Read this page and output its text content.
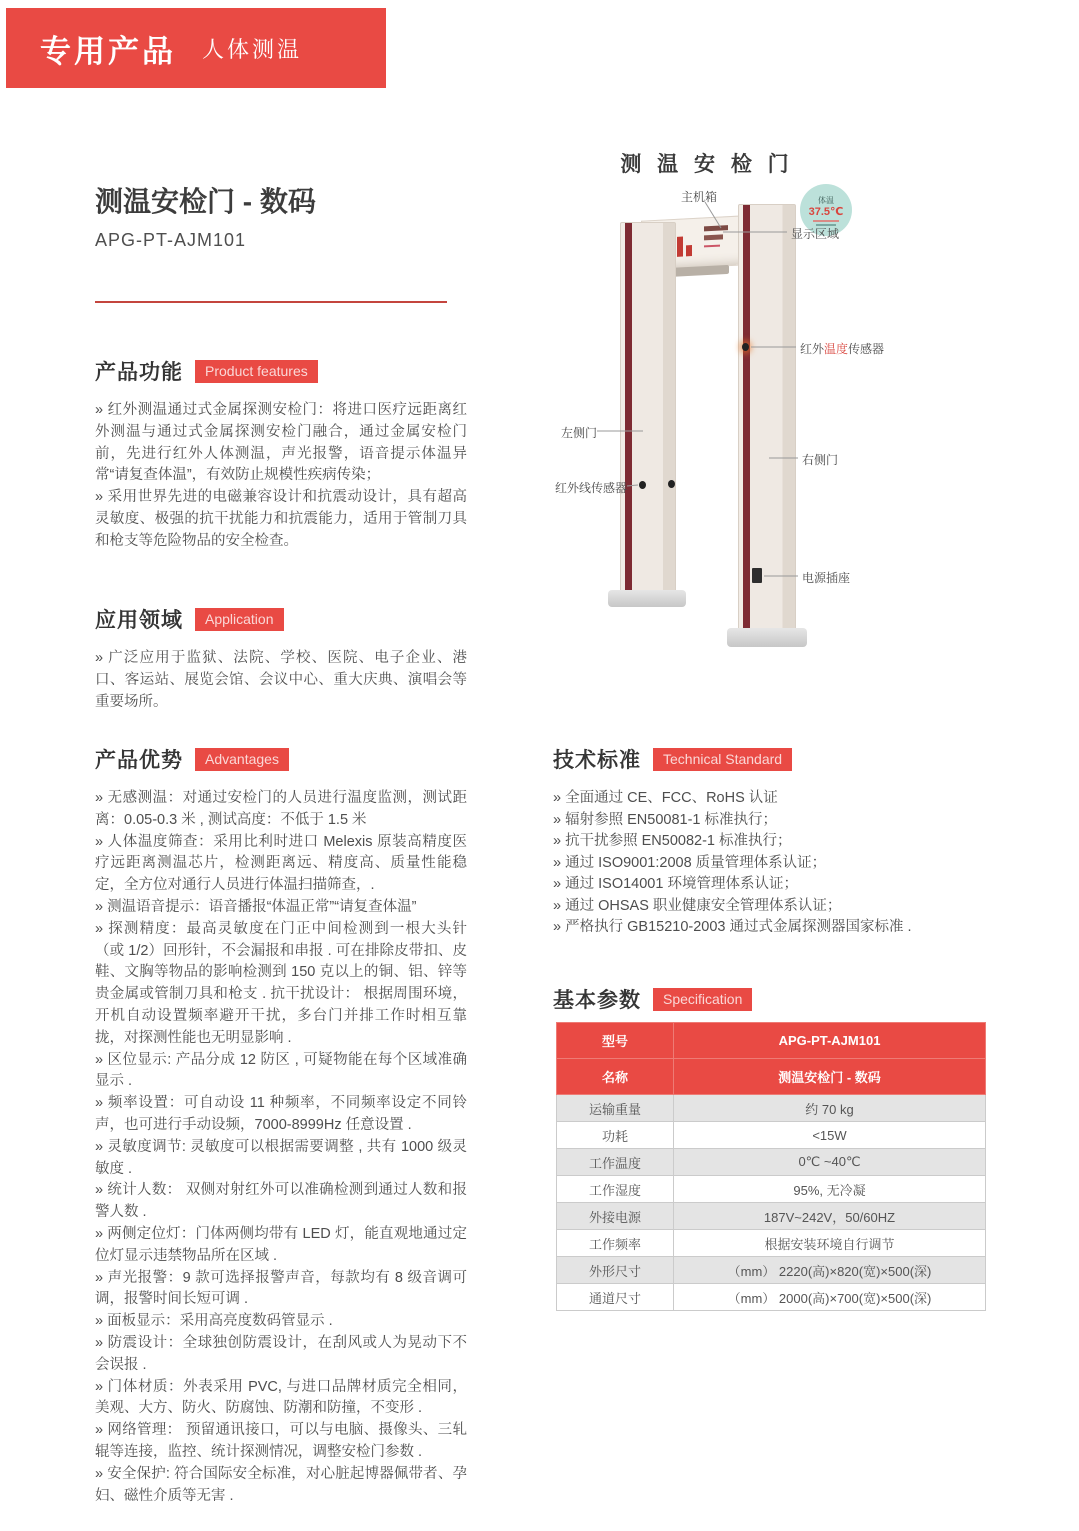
专用产品 人体测温
测温安检门 - 数码
APG-PT-AJM101
产品功能	Product features
» 红外测温通过式金属探测安检门：将进口医疗远距离红外测温与通过式金属探测安检门融合，通过金属安检门前，先进行红外人体测温，声光报警，语音提示体温异常“请复查体温”，有效防止规模性疾病传染；
» 采用世界先进的电磁兼容设计和抗震动设计，具有超高灵敏度、极强的抗干扰能力和抗震能力，适用于管制刀具和枪支等危险物品的安全检查。
应用领域	Application
» 广泛应用于监狱、法院、学校、医院、电子企业、港口、客运站、展览会馆、会议中心、重大庆典、演唱会等重要场所。
产品优势	Advantages
» 无感测温：对通过安检门的人员进行温度监测，测试距离：0.05-0.3 米 , 测试高度：不低于 1.5 米
» 人体温度筛查：采用比利时进口 Melexis 原装高精度医疗远距离测温芯片，检测距离远、精度高、质量性能稳定，全方位对通行人员进行体温扫描筛查，.
» 测温语音提示：语音播报“体温正常”“请复查体温”
» 探测精度：最高灵敏度在门正中间检测到一根大头针（或 1/2）回形针，不会漏报和串报 . 可在排除皮带扣、皮鞋、文胸等物品的影响检测到 150 克以上的铜、铝、锌等贵金属或管制刀具和枪支 . 抗干扰设计： 根据周围环境，开机自动设置频率避开干扰，多台门并排工作时相互靠拢，对探测性能也无明显影响 .
» 区位显示: 产品分成 12 防区 , 可疑物能在每个区域准确显示 .
» 频率设置：可自动设 11 种频率，不同频率设定不同铃声，也可进行手动设频，7000-8999Hz 任意设置 .
» 灵敏度调节: 灵敏度可以根据需要调整 , 共有 1000 级灵敏度 .
» 统计人数： 双侧对射红外可以准确检测到通过人数和报警人数 .
» 两侧定位灯：门体两侧均带有 LED 灯，能直观地通过定位灯显示违禁物品所在区域 .
» 声光报警：9 款可选择报警声音，每款均有 8 级音调可调，报警时间长短可调 .
» 面板显示：采用高亮度数码管显示 .
» 防震设计：全球独创防震设计，在刮风或人为晃动下不会误报 .
» 门体材质：外表采用 PVC, 与进口品牌材质完全相同，美观、大方、防火、防腐蚀、防潮和防撞，不变形 .
» 网络管理： 预留通讯接口，可以与电脑、摄像头、三轧辊等连接，监控、统计探测情况，调整安检门参数 .
» 安全保护: 符合国际安全标准，对心脏起博器佩带者、孕妇、磁性介质等无害 .
测 温 安 检 门
体温
37.5℃
主机箱
显示区域
红外温度传感器
左侧门
右侧门
红外线传感器
电源插座
技术标准	Technical Standard
» 全面通过 CE、FCC、RoHS 认证
» 辐射参照 EN50081-1 标准执行；
» 抗干扰参照 EN50082-1 标准执行；
» 通过 ISO9001:2008 质量管理体系认证；
» 通过 ISO14001 环境管理体系认证；
» 通过 OHSAS 职业健康安全管理体系认证；
» 严格执行 GB15210-2003 通过式金属探测器国家标准 .
基本参数	Specification
型号	APG-PT-AJM101
名称	测温安检门 - 数码
运输重量	约 70 kg
功耗	<15W
工作温度	0℃ ~40℃
工作湿度	95%, 无冷凝
外接电源	187V~242V，50/60HZ
工作频率	根据安装环境自行调节
外形尺寸	（mm） 2220(高)×820(宽)×500(深)
通道尺寸	（mm） 2000(高)×700(宽)×500(深)
